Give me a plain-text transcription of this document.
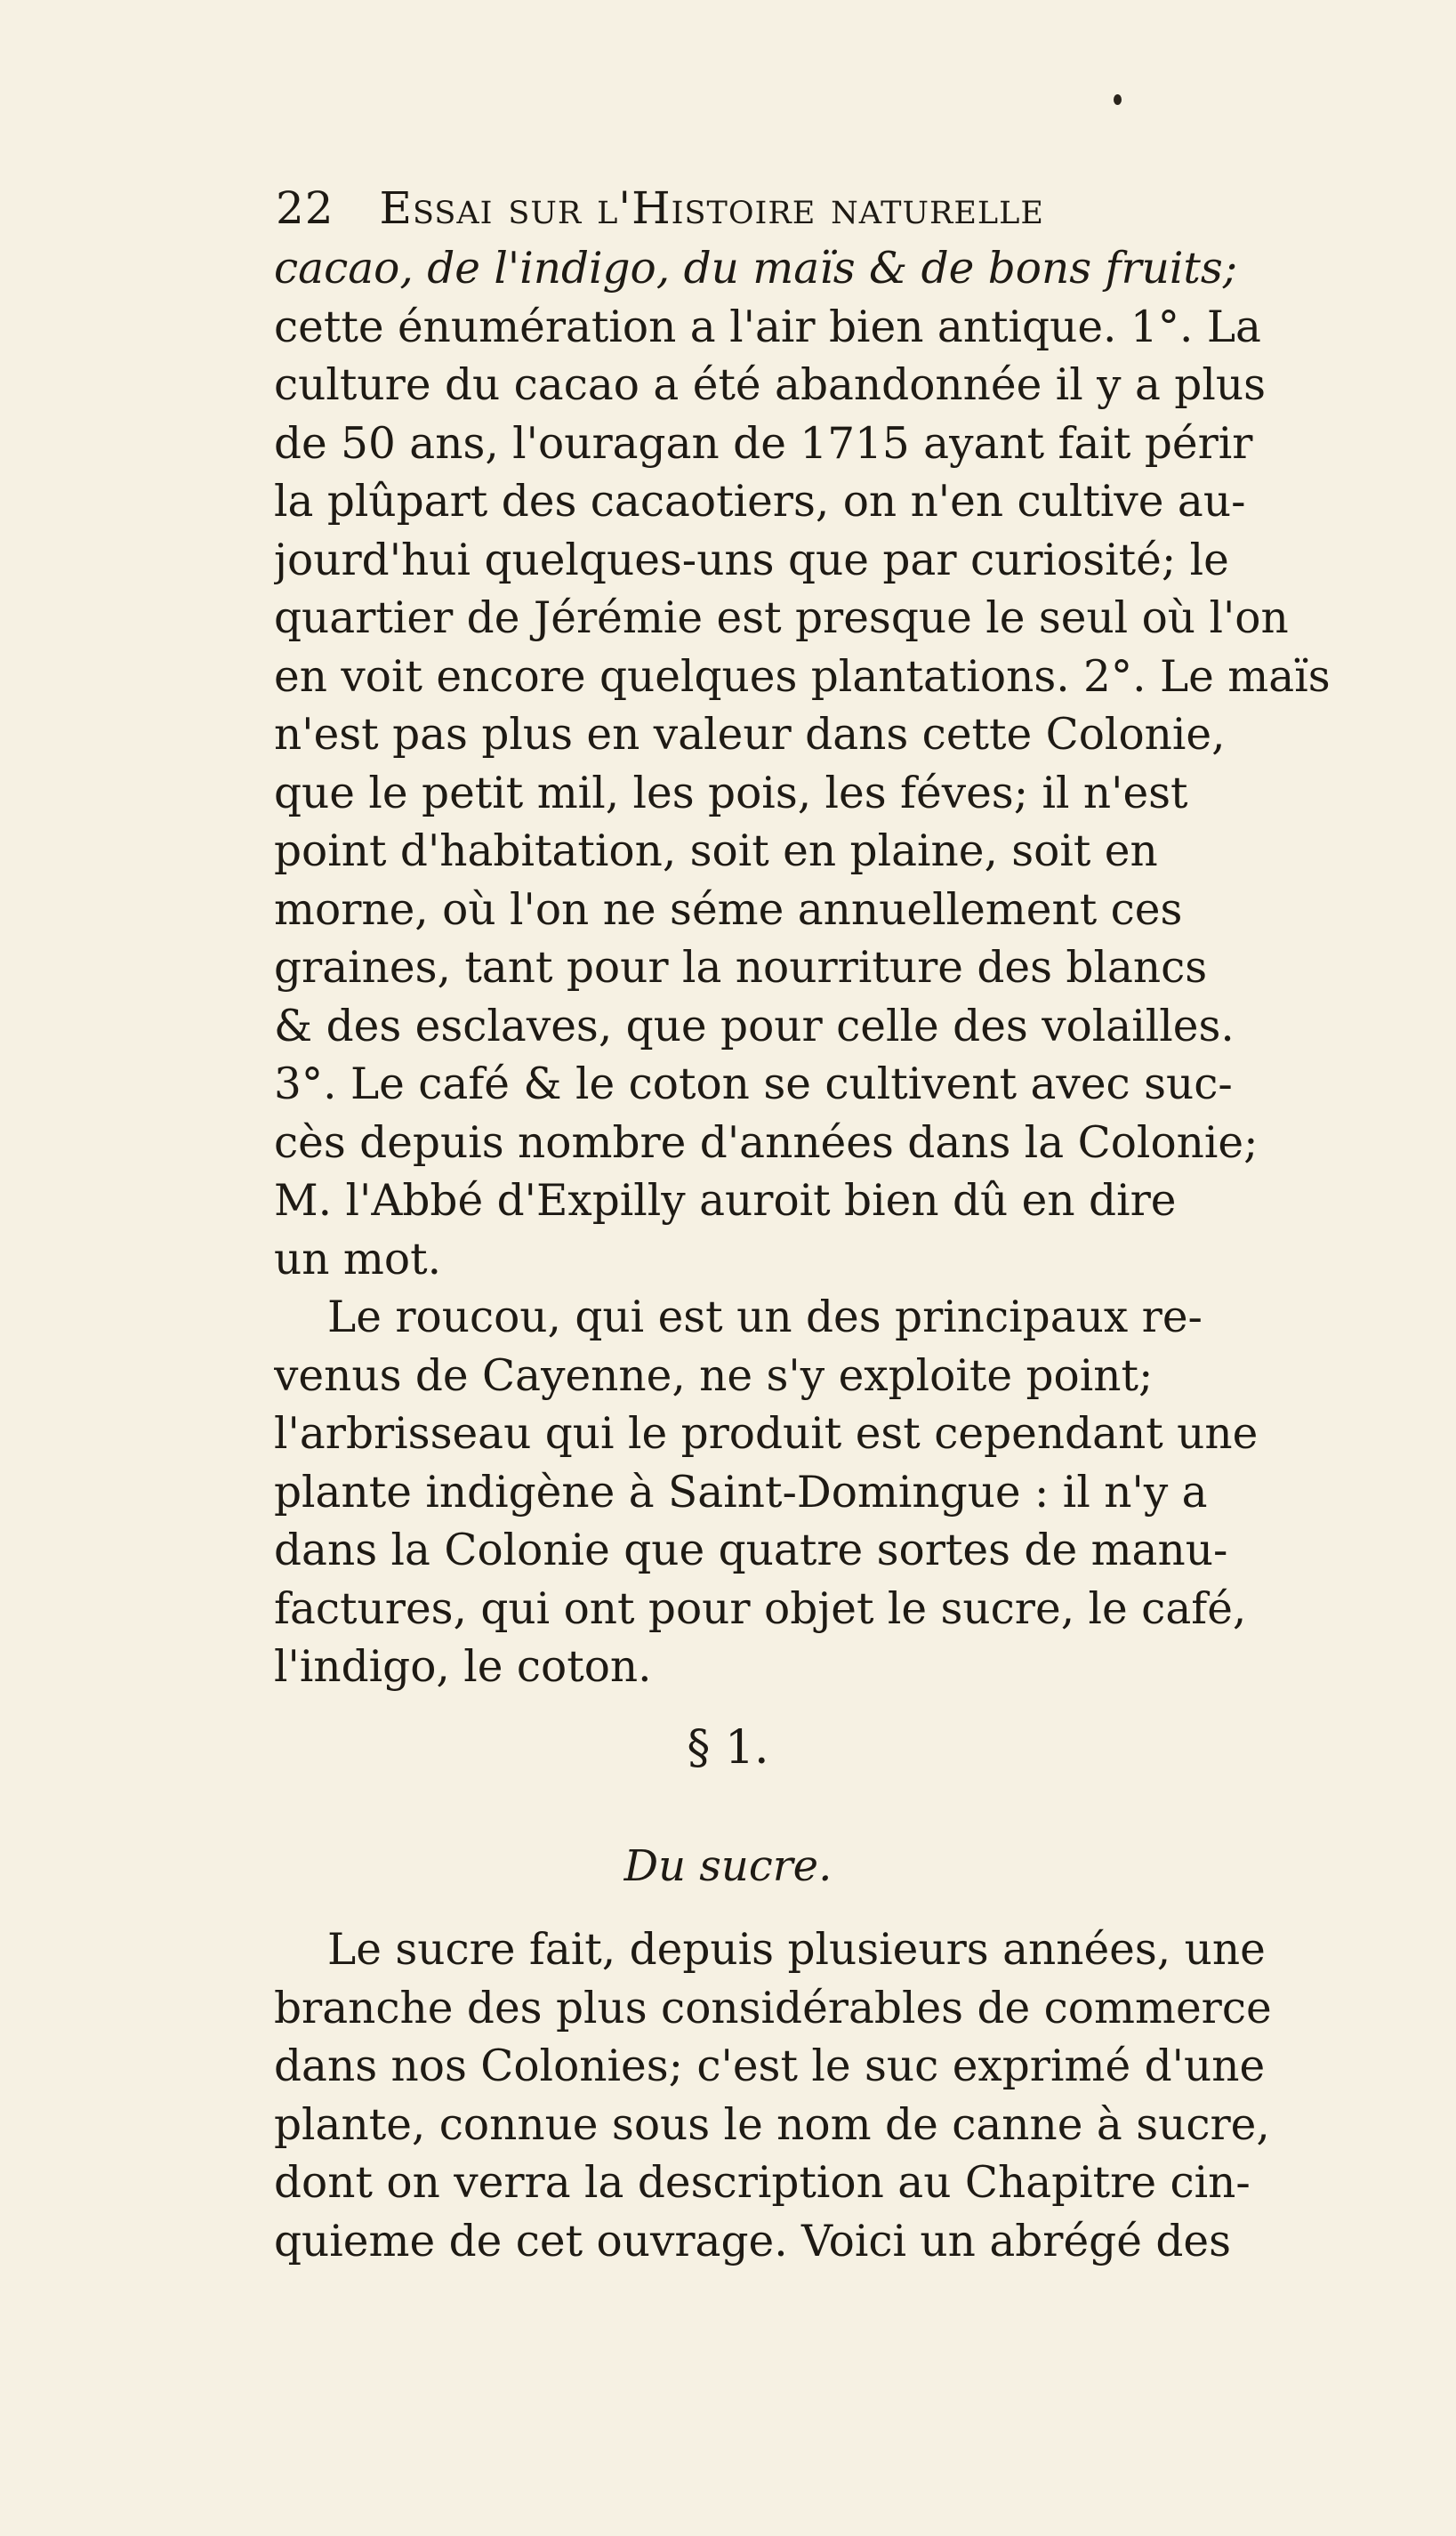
22 Essai sur l'Histoire naturelle
cacao, de l'indigo, du maïs & de bons fruits;
cette énumération a l'air bien antique. 1°. La
culture du cacao a été abandonnée il y a plus
de 50 ans, l'ouragan de 1715 ayant fait périr
la plûpart des cacaotiers, on n'en cultive au-
jourd'hui quelques-uns que par curiosité; le
quartier de Jérémie est presque le seul où l'on
en voit encore quelques plantations. 2°. Le maïs
n'est pas plus en valeur dans cette Colonie,
que le petit mil, les pois, les féves; il n'est
point d'habitation, soit en plaine, soit en
morne, où l'on ne séme annuellement ces
graines, tant pour la nourriture des blancs
& des esclaves, que pour celle des volailles.
3°. Le café & le coton se cultivent avec suc-
cès depuis nombre d'années dans la Colonie;
M. l'Abbé d'Expilly auroit bien dû en dire
un mot.
Le roucou, qui est un des principaux re-
venus de Cayenne, ne s'y exploite point;
l'arbrisseau qui le produit est cependant une
plante indigène à Saint-Domingue : il n'y a
dans la Colonie que quatre sortes de manu-
factures, qui ont pour objet le sucre, le café,
l'indigo, le coton.
§ 1.
Du sucre.
Le sucre fait, depuis plusieurs années, une
branche des plus considérables de commerce
dans nos Colonies; c'est le suc exprimé d'une
plante, connue sous le nom de canne à sucre,
dont on verra la description au Chapitre cin-
quieme de cet ouvrage. Voici un abrégé des
